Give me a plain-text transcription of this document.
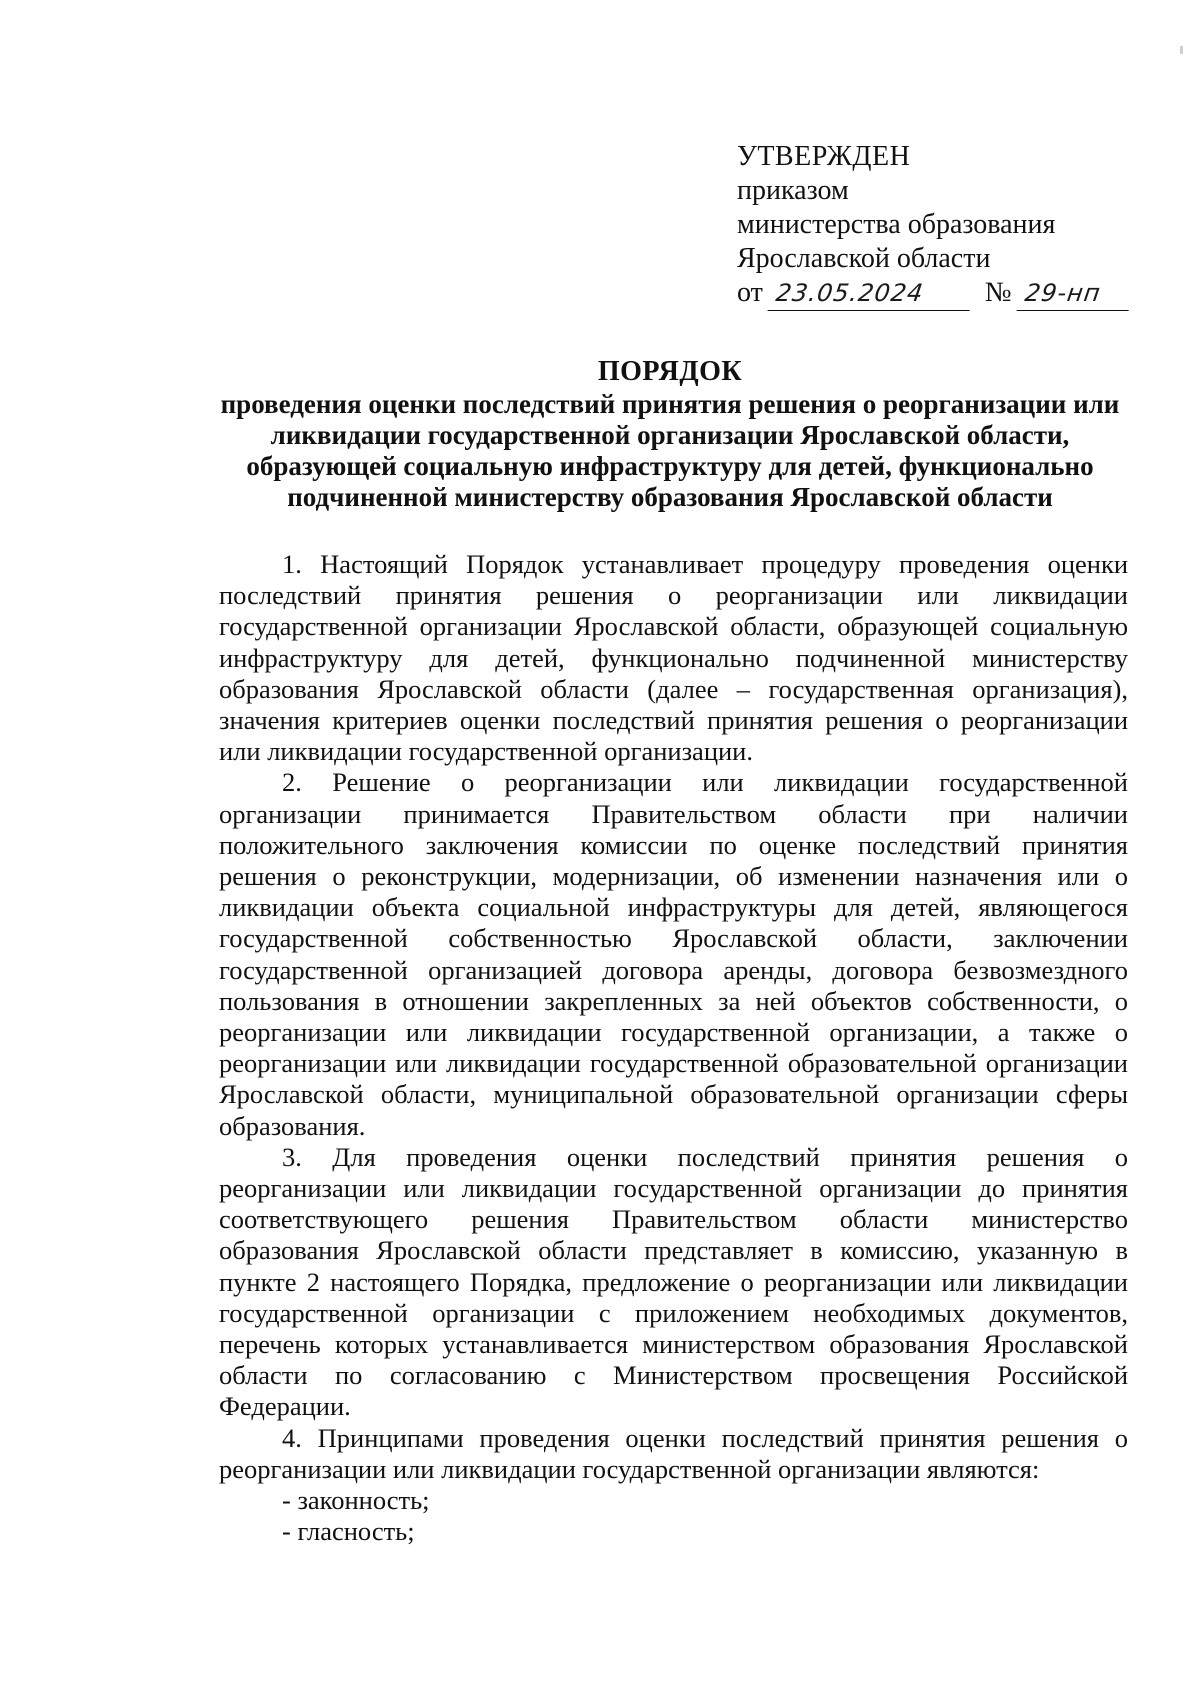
УТВЕРЖДЕН
приказом
министерства образования
Ярославской области
от 23.05.2024 № 29-нп
ПОРЯДОК
проведения оценки последствий принятия решения о реорганизации или ликвидации государственной организации Ярославской области, образующей социальную инфраструктуру для детей, функционально подчиненной министерству образования Ярославской области

1. Настоящий Порядок устанавливает процедуру проведения оценки последствий принятия решения о реорганизации или ликвидации государственной организации Ярославской области, образующей социальную инфраструктуру для детей, функционально подчиненной министерству образования Ярославской области (далее – государственная организация), значения критериев оценки последствий принятия решения о реорганизации или ликвидации государственной организации.

2. Решение о реорганизации или ликвидации государственной организации принимается Правительством области при наличии положительного заключения комиссии по оценке последствий принятия решения о реконструкции, модернизации, об изменении назначения или о ликвидации объекта социальной инфраструктуры для детей, являющегося государственной собственностью Ярославской области, заключении государственной организацией договора аренды, договора безвозмездного пользования в отношении закрепленных за ней объектов собственности, о реорганизации или ликвидации государственной организации, а также о реорганизации или ликвидации государственной образовательной организации Ярославской области, муниципальной образовательной организации сферы образования.

3. Для проведения оценки последствий принятия решения о реорганизации или ликвидации государственной организации до принятия соответствующего решения Правительством области министерство образования Ярославской области представляет в комиссию, указанную в пункте 2 настоящего Порядка, предложение о реорганизации или ликвидации государственной организации с приложением необходимых документов, перечень которых устанавливается министерством образования Ярославской области по согласованию с Министерством просвещения Российской Федерации.

4. Принципами проведения оценки последствий принятия решения о реорганизации или ликвидации государственной организации являются:

- законность;
- гласность;
